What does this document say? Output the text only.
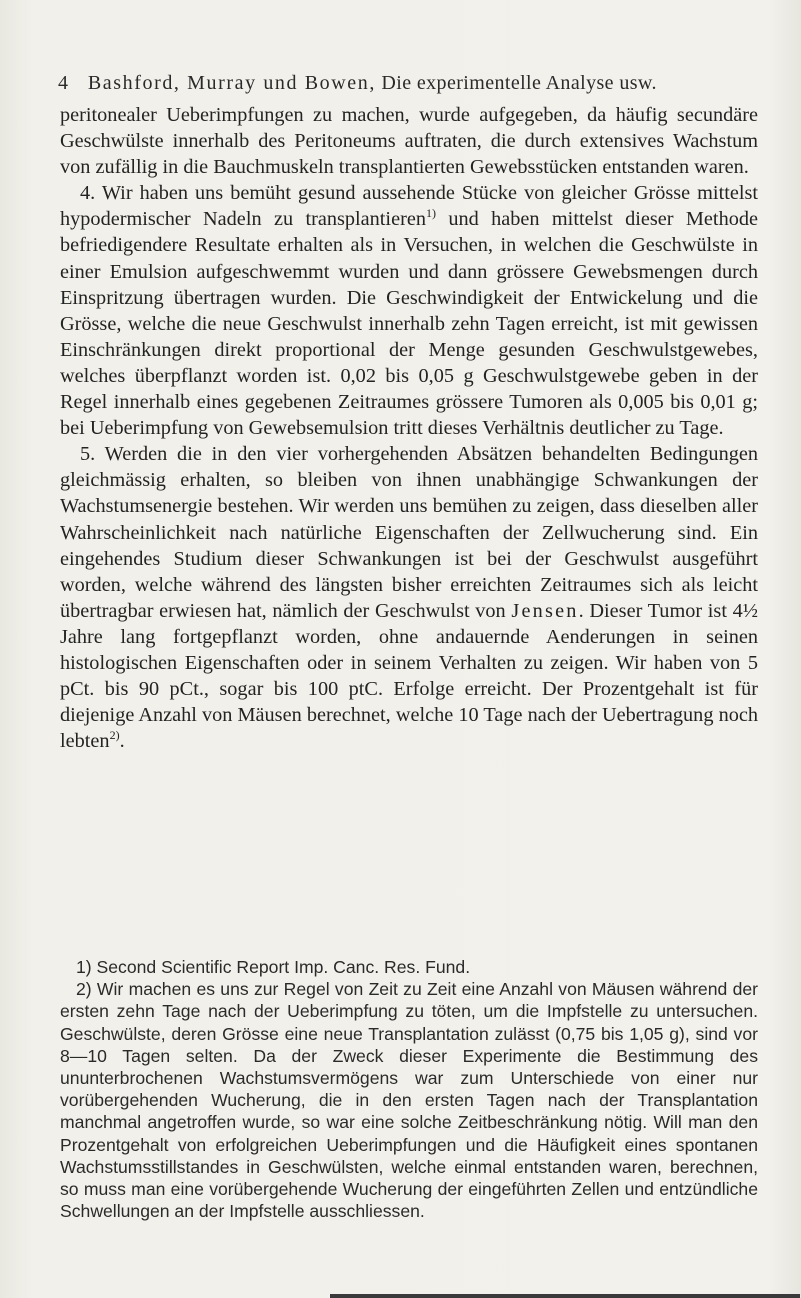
4 Bashford, Murray und Bowen, Die experimentelle Analyse usw.

peritonealer Ueberimpfungen zu machen, wurde aufgegeben, da häufig secundäre Geschwülste innerhalb des Peritoneums auftraten, die durch extensives Wachstum von zufällig in die Bauchmuskeln transplantierten Gewebsstücken entstanden waren.

4. Wir haben uns bemüht gesund aussehende Stücke von gleicher Grösse mittelst hypodermischer Nadeln zu transplantieren$^{1)}$ und haben mittelst dieser Methode befriedigendere Resultate erhalten als in Versuchen, in welchen die Geschwülste in einer Emulsion aufgeschwemmt wurden und dann grössere Gewebsmengen durch Einspritzung übertragen wurden. Die Geschwindigkeit der Entwickelung und die Grösse, welche die neue Geschwulst innerhalb zehn Tagen erreicht, ist mit gewissen Einschränkungen direkt proportional der Menge gesunden Geschwulstgewebes, welches überpflanzt worden ist. 0,02 bis 0,05 g Geschwulstgewebe geben in der Regel innerhalb eines gegebenen Zeitraumes grössere Tumoren als 0,005 bis 0,01 g; bei Ueberimpfung von Gewebsemulsion tritt dieses Verhältnis deutlicher zu Tage.

5. Werden die in den vier vorhergehenden Absätzen behandelten Bedingungen gleichmässig erhalten, so bleiben von ihnen unabhängige Schwankungen der Wachstumsenergie bestehen. Wir werden uns bemühen zu zeigen, dass dieselben aller Wahrscheinlichkeit nach natürliche Eigenschaften der Zellwucherung sind. Ein eingehendes Studium dieser Schwankungen ist bei der Geschwulst ausgeführt worden, welche während des längsten bisher erreichten Zeitraumes sich als leicht übertragbar erwiesen hat, nämlich der Geschwulst von Jensen. Dieser Tumor ist 4½ Jahre lang fortgepflanzt worden, ohne andauernde Aenderungen in seinen histologischen Eigenschaften oder in seinem Verhalten zu zeigen. Wir haben von 5 pCt. bis 90 pCt., sogar bis 100 ptC. Erfolge erreicht. Der Prozentgehalt ist für diejenige Anzahl von Mäusen berechnet, welche 10 Tage nach der Uebertragung noch lebten$^{2)}$.

1) Second Scientific Report Imp. Canc. Res. Fund.

2) Wir machen es uns zur Regel von Zeit zu Zeit eine Anzahl von Mäusen während der ersten zehn Tage nach der Ueberimpfung zu töten, um die Impfstelle zu untersuchen. Geschwülste, deren Grösse eine neue Transplantation zulässt (0,75 bis 1,05 g), sind vor 8—10 Tagen selten. Da der Zweck dieser Experimente die Bestimmung des ununterbrochenen Wachstumsvermögens war zum Unterschiede von einer nur vorübergehenden Wucherung, die in den ersten Tagen nach der Transplantation manchmal angetroffen wurde, so war eine solche Zeitbeschränkung nötig. Will man den Prozentgehalt von erfolgreichen Ueberimpfungen und die Häufigkeit eines spontanen Wachstumsstillstandes in Geschwülsten, welche einmal entstanden waren, berechnen, so muss man eine vorübergehende Wucherung der eingeführten Zellen und entzündliche Schwellungen an der Impfstelle ausschliessen.
